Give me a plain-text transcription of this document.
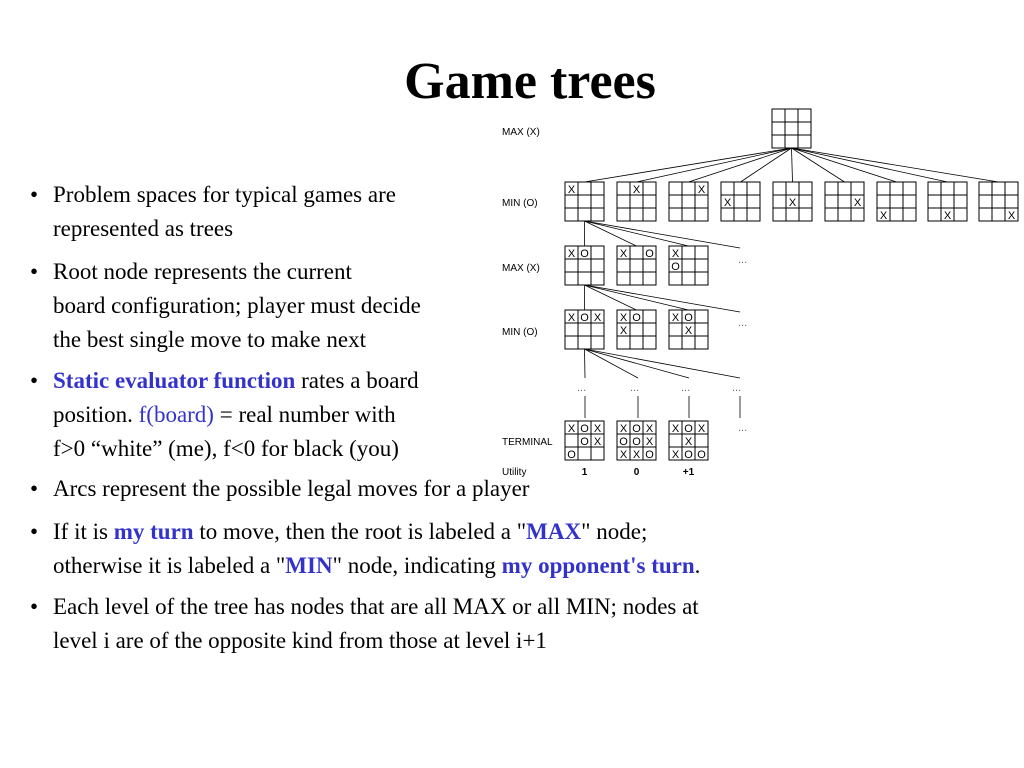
Game trees
• Problem spaces for typical games are
represented as trees
• Root node represents the current
board configuration; player must decide
the best single move to make next
• Static evaluator function rates a board
position. f(board) = real number with
f>0 “white” (me), f<0 for black (you)
• Arcs represent the possible legal moves for a player
• If it is my turn to move, then the root is labeled a "MAX" node;
otherwise it is labeled a "MIN" node, indicating my opponent's turn.
• Each level of the tree has nodes that are all MAX or all MIN; nodes at
level i are of the opposite kind from those at level i+1
MAX (X)
MIN (O)
MAX (X)
MIN (O)
TERMINAL
Utility
X	X	X
X	X	X
X	X	X
X O	X O X
O
...
X O X X O
X
X O
X
...
...	...	...	...
X O X
O X
O
X O X
O O X
X X O
X O X
X
X O O
...
1	0	+1
